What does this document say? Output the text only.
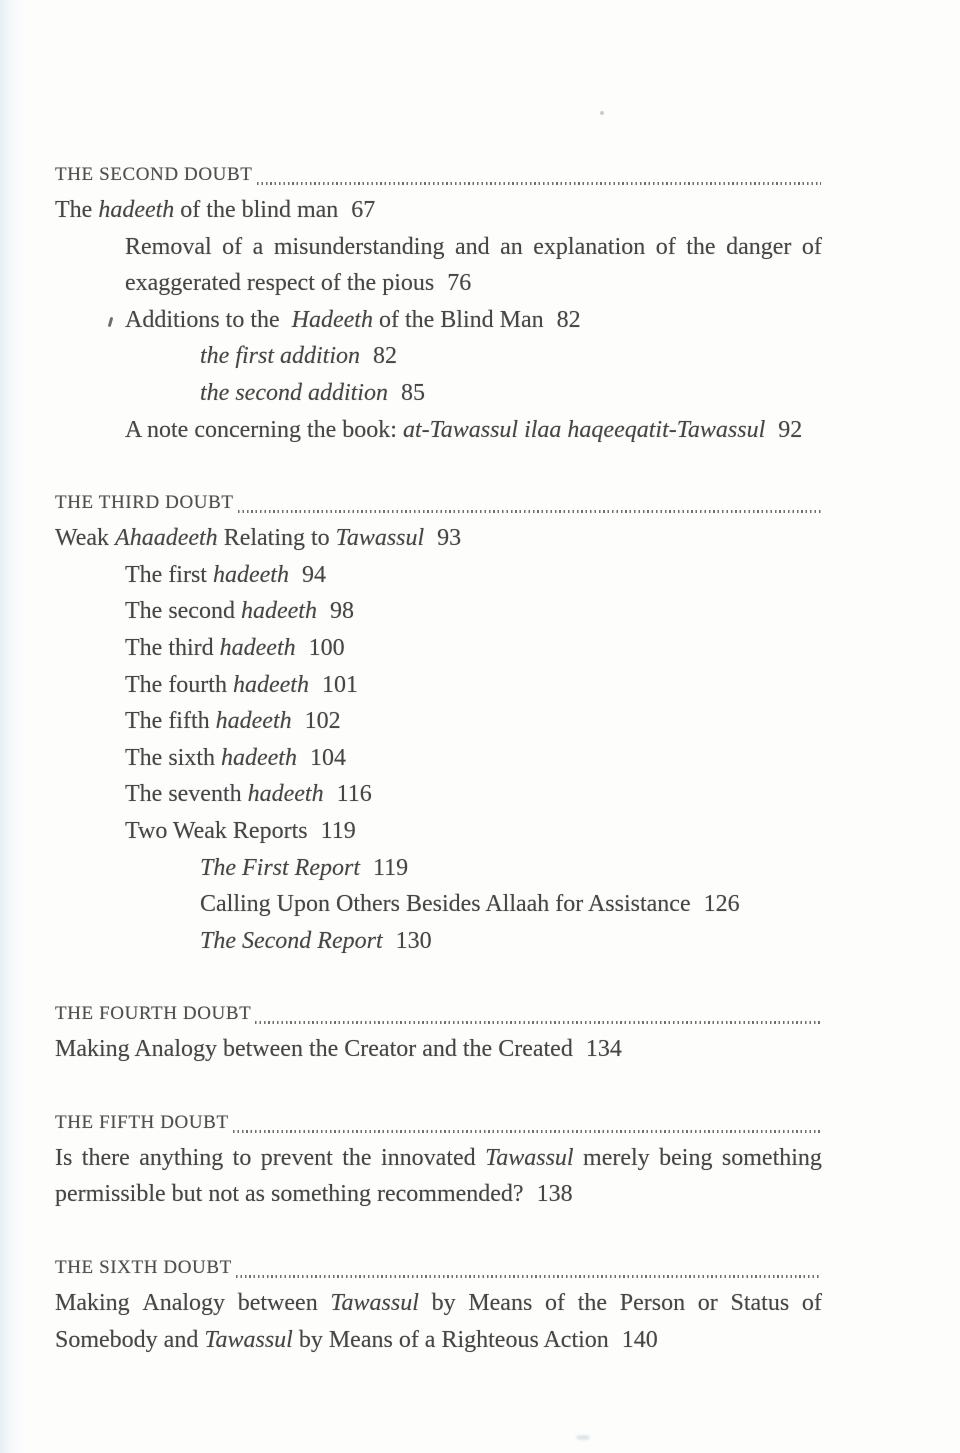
THE SECOND DOUBT
The hadeeth of the blind man 67
Removal of a misunderstanding and an explanation of the danger of
exaggerated respect of the pious 76
Additions to the  Hadeeth of the Blind Man 82
the first addition 82
the second addition 85
A note concerning the book: at-Tawassul ilaa haqeeqatit-Tawassul 92
THE THIRD DOUBT
Weak Ahaadeeth Relating to Tawassul 93
The first hadeeth 94
The second hadeeth 98
The third hadeeth 100
The fourth hadeeth 101
The fifth hadeeth 102
The sixth hadeeth 104
The seventh hadeeth 116
Two Weak Reports 119
The First Report 119
Calling Upon Others Besides Allaah for Assistance 126
The Second Report 130
THE FOURTH DOUBT
Making Analogy between the Creator and the Created 134
THE FIFTH DOUBT
Is there anything to prevent the innovated Tawassul merely being something
permissible but not as something recommended? 138
THE SIXTH DOUBT
Making Analogy between Tawassul by Means of the Person or Status of
Somebody and Tawassul by Means of a Righteous Action 140
